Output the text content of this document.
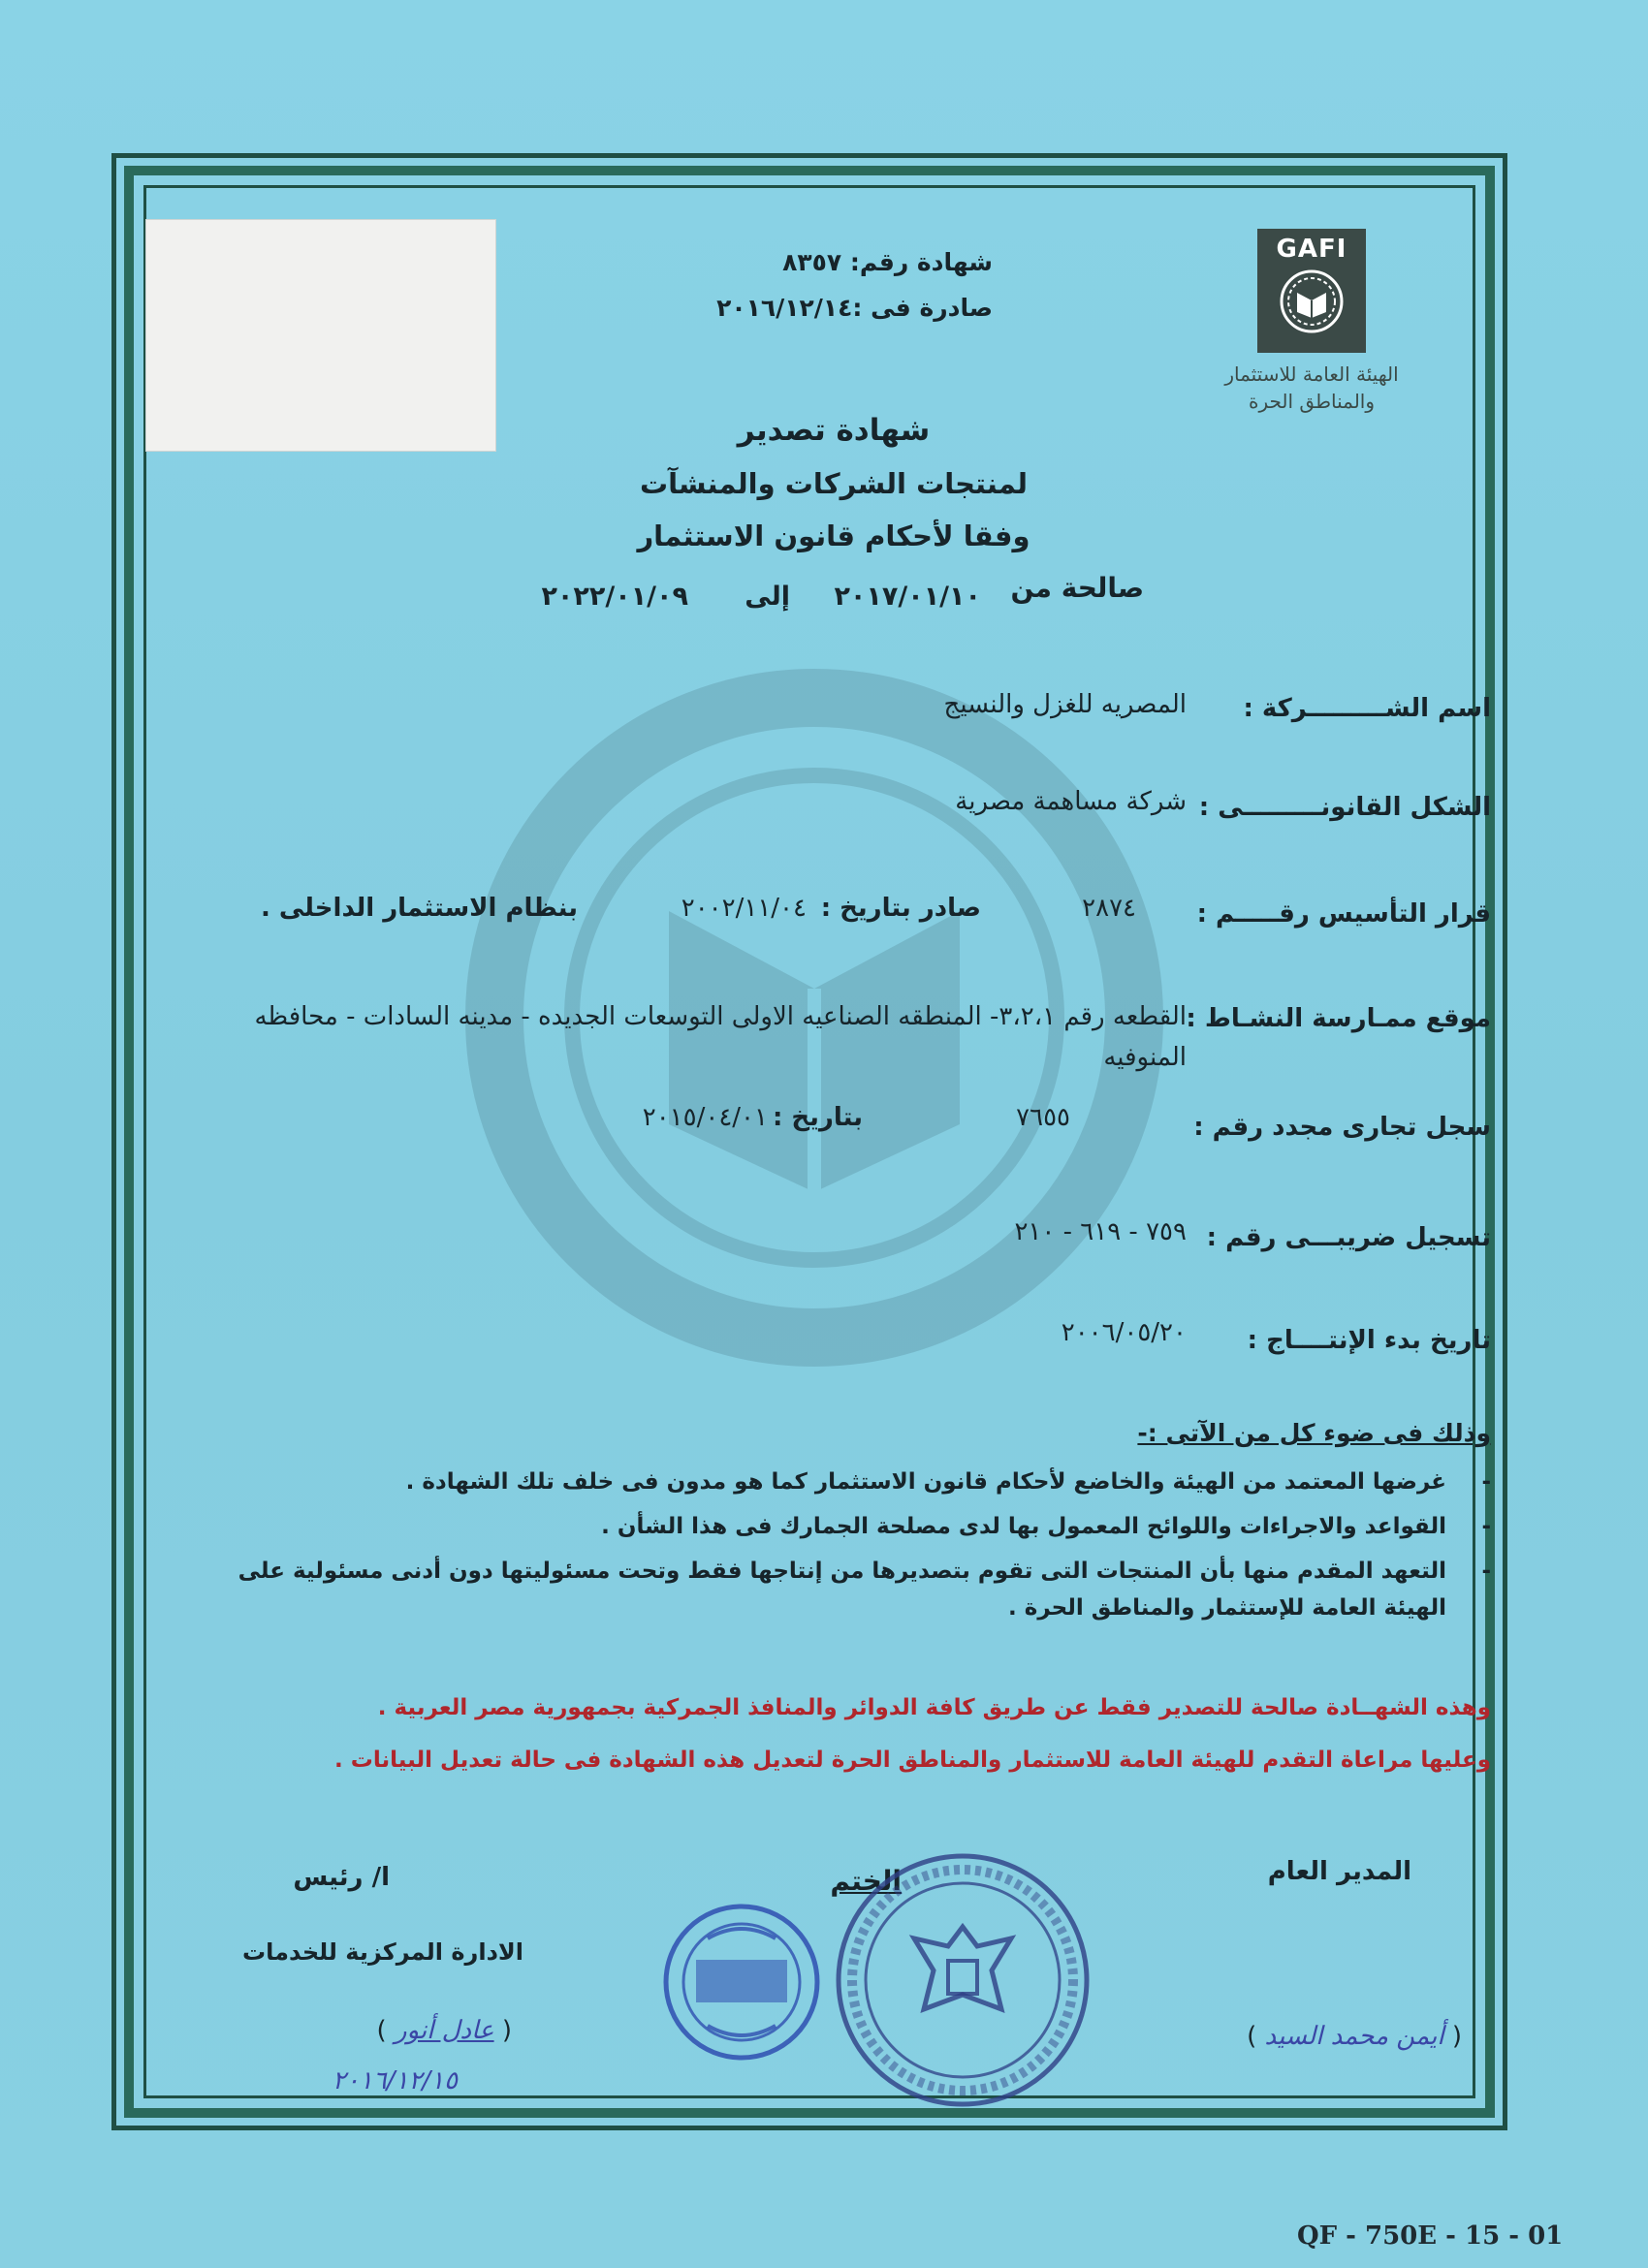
GAFI
الهيئة العامة للاستثمار
والمناطق الحرة
شهادة رقم: ٨٣٥٧
صادرة فى :٢٠١٦/١٢/١٤
شهادة تصدير
لمنتجات الشركات والمنشآت
وفقا لأحكام قانون الاستثمار
صالحة من
٢٠١٧/٠١/١٠
إلى
٢٠٢٢/٠١/٠٩
اسم الشـــــــــركة :
المصريه للغزل والنسيج
الشكل القانونـــــــــى :
شركة مساهمة مصرية
قرار التأسيس رقـــــم :
٢٨٧٤
صادر بتاريخ :
٢٠٠٢/١١/٠٤
بنظام الاستثمار الداخلى .
موقع ممـارسة النشـاط :
القطعه رقم ٣،٢،١- المنطقه الصناعيه الاولى التوسعات الجديده - مدينه السادات - محافظه المنوفيه
سجل تجارى مجدد رقم :
٧٦٥٥
بتاريخ :
٢٠١٥/٠٤/٠١
تسجيل ضريبـــى رقم :
٧٥٩ - ٦١٩ - ٢١٠
تاريخ بدء الإنتــــاج :
٢٠٠٦/٠٥/٢٠
وذلك فى ضوء كل من الآتى :-
-
غرضها المعتمد من الهيئة والخاضع لأحكام قانون الاستثمار كما هو مدون فى خلف تلك الشهادة .
-
القواعد والاجراءات واللوائح المعمول بها لدى مصلحة الجمارك فى هذا الشأن .
-
التعهد المقدم منها بأن المنتجات التى تقوم بتصديرها من إنتاجها فقط وتحت مسئوليتها دون أدنى مسئولية على الهيئة العامة للإستثمار والمناطق الحرة .
وهذه الشهــادة صالحة للتصدير فقط عن طريق كافة الدوائر والمنافذ الجمركية بجمهورية مصر العربية .
وعليها مراعاة التقدم للهيئة العامة للاستثمار والمناطق الحرة لتعديل هذه الشهادة فى حالة تعديل البيانات .
المدير العام
الختم
ا/ رئيس
الادارة المركزية للخدمات
( أيمن محمد السيد )
( عادل أنور )
٢٠١٦/١٢/١٥
QF - 750E - 15 - 01
